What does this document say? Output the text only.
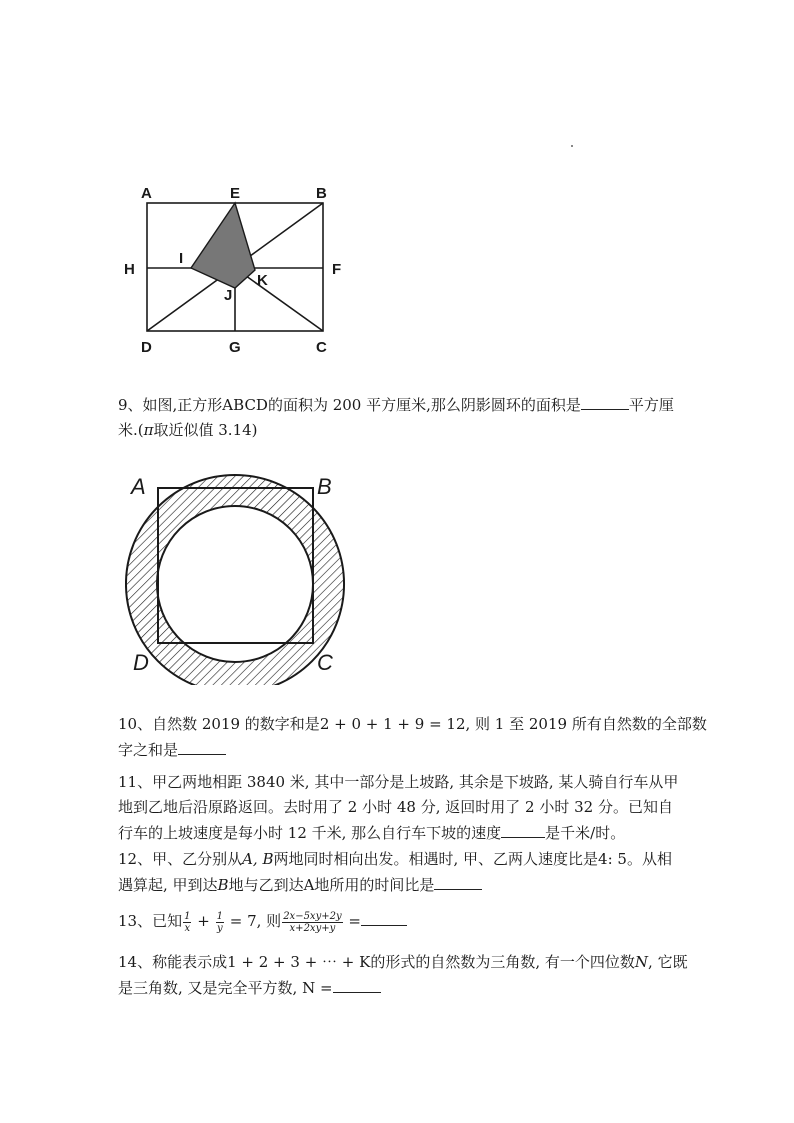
A	E	B
H
I
F
K
J
D	G	C
9、如图,正方形ABCD的面积为 200 平方厘米,那么阴影圆环的面积是	平方厘
米.(π取近似值 3.14)
A	B
D	C
10、自然数 2019 的数字和是2 + 0 + 1 + 9 = 12, 则 1 至 2019 所有自然数的全部数
字之和是
11、甲乙两地相距 3840 米, 其中一部分是上坡路, 其余是下坡路, 某人骑自行车从甲
地到乙地后沿原路返回。去时用了 2 小时 48 分, 返回时用了 2 小时 32 分。已知自
行车的上坡速度是每小时 12 千米, 那么自行车下坡的速度	是千米/时。
12、甲、乙分别从A, B两地同时相向出发。相遇时, 甲、乙两人速度比是4: 5。从相
遇算起, 甲到达B地与乙到达A地所用的时间比是
13、已知 $\frac{1}{x} + \frac{1}{y} = 7$, 则 $\frac{2x-5xy+2y}{x+2xy+y}$ =
14、称能表示成1 + 2 + 3 + ⋯ + K的形式的自然数为三角数, 有一个四位数N, 它既
是三角数, 又是完全平方数, N =
